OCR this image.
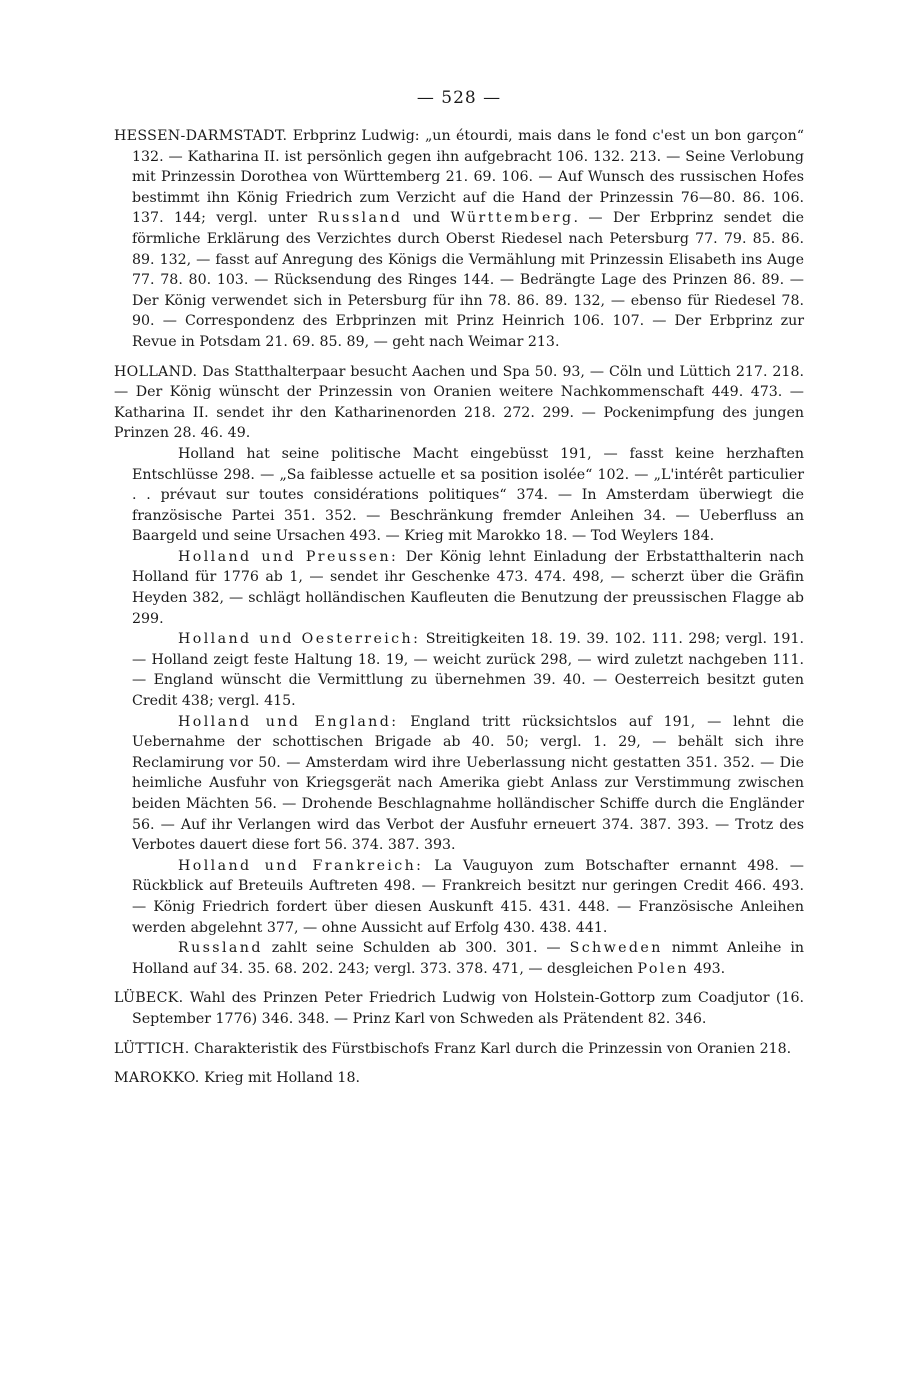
— 528 —

HESSEN-DARMSTADT. Erbprinz Ludwig: „un étourdi, mais dans le fond c'est un bon garçon“ 132. — Katharina II. ist persönlich gegen ihn aufgebracht 106. 132. 213. — Seine Verlobung mit Prinzessin Dorothea von Württemberg 21. 69. 106. — Auf Wunsch des russischen Hofes bestimmt ihn König Friedrich zum Verzicht auf die Hand der Prinzessin 76—80. 86. 106. 137. 144; vergl. unter Russland und Württemberg. — Der Erbprinz sendet die förmliche Erklärung des Verzichtes durch Oberst Riedesel nach Petersburg 77. 79. 85. 86. 89. 132, — fasst auf Anregung des Königs die Vermählung mit Prinzessin Elisabeth ins Auge 77. 78. 80. 103. — Rücksendung des Ringes 144. — Bedrängte Lage des Prinzen 86. 89. — Der König verwendet sich in Petersburg für ihn 78. 86. 89. 132, — ebenso für Riedesel 78. 90. — Correspondenz des Erbprinzen mit Prinz Heinrich 106. 107. — Der Erbprinz zur Revue in Potsdam 21. 69. 85. 89, — geht nach Weimar 213.

HOLLAND. Das Statthalterpaar besucht Aachen und Spa 50. 93, — Cöln und Lüttich 217. 218. — Der König wünscht der Prinzessin von Oranien weitere Nachkommenschaft 449. 473. — Katharina II. sendet ihr den Katharinenorden 218. 272. 299. — Pockenimpfung des jungen Prinzen 28. 46. 49.

Holland hat seine politische Macht eingebüsst 191, — fasst keine herzhaften Entschlüsse 298. — „Sa faiblesse actuelle et sa position isolée“ 102. — „L'intérêt particulier . . prévaut sur toutes considérations politiques“ 374. — In Amsterdam überwiegt die französische Partei 351. 352. — Beschränkung fremder Anleihen 34. — Ueberfluss an Baargeld und seine Ursachen 493. — Krieg mit Marokko 18. — Tod Weylers 184.

Holland und Preussen: Der König lehnt Einladung der Erbstatthalterin nach Holland für 1776 ab 1, — sendet ihr Geschenke 473. 474. 498, — scherzt über die Gräfin Heyden 382, — schlägt holländischen Kaufleuten die Benutzung der preussischen Flagge ab 299.

Holland und Oesterreich: Streitigkeiten 18. 19. 39. 102. 111. 298; vergl. 191. — Holland zeigt feste Haltung 18. 19, — weicht zurück 298, — wird zuletzt nachgeben 111. — England wünscht die Vermittlung zu übernehmen 39. 40. — Oesterreich besitzt guten Credit 438; vergl. 415.

Holland und England: England tritt rücksichtslos auf 191, — lehnt die Uebernahme der schottischen Brigade ab 40. 50; vergl. 1. 29, — behält sich ihre Reclamirung vor 50. — Amsterdam wird ihre Ueberlassung nicht gestatten 351. 352. — Die heimliche Ausfuhr von Kriegsgerät nach Amerika giebt Anlass zur Verstimmung zwischen beiden Mächten 56. — Drohende Beschlagnahme holländischer Schiffe durch die Engländer 56. — Auf ihr Verlangen wird das Verbot der Ausfuhr erneuert 374. 387. 393. — Trotz des Verbotes dauert diese fort 56. 374. 387. 393.

Holland und Frankreich: La Vauguyon zum Botschafter ernannt 498. — Rückblick auf Breteuils Auftreten 498. — Frankreich besitzt nur geringen Credit 466. 493. — König Friedrich fordert über diesen Auskunft 415. 431. 448. — Französische Anleihen werden abgelehnt 377, — ohne Aussicht auf Erfolg 430. 438. 441.

Russland zahlt seine Schulden ab 300. 301. — Schweden nimmt Anleihe in Holland auf 34. 35. 68. 202. 243; vergl. 373. 378. 471, — desgleichen Polen 493.

LÜBECK. Wahl des Prinzen Peter Friedrich Ludwig von Holstein-Gottorp zum Coadjutor (16. September 1776) 346. 348. — Prinz Karl von Schweden als Prätendent 82. 346.

LÜTTICH. Charakteristik des Fürstbischofs Franz Karl durch die Prinzessin von Oranien 218.

MAROKKO. Krieg mit Holland 18.
